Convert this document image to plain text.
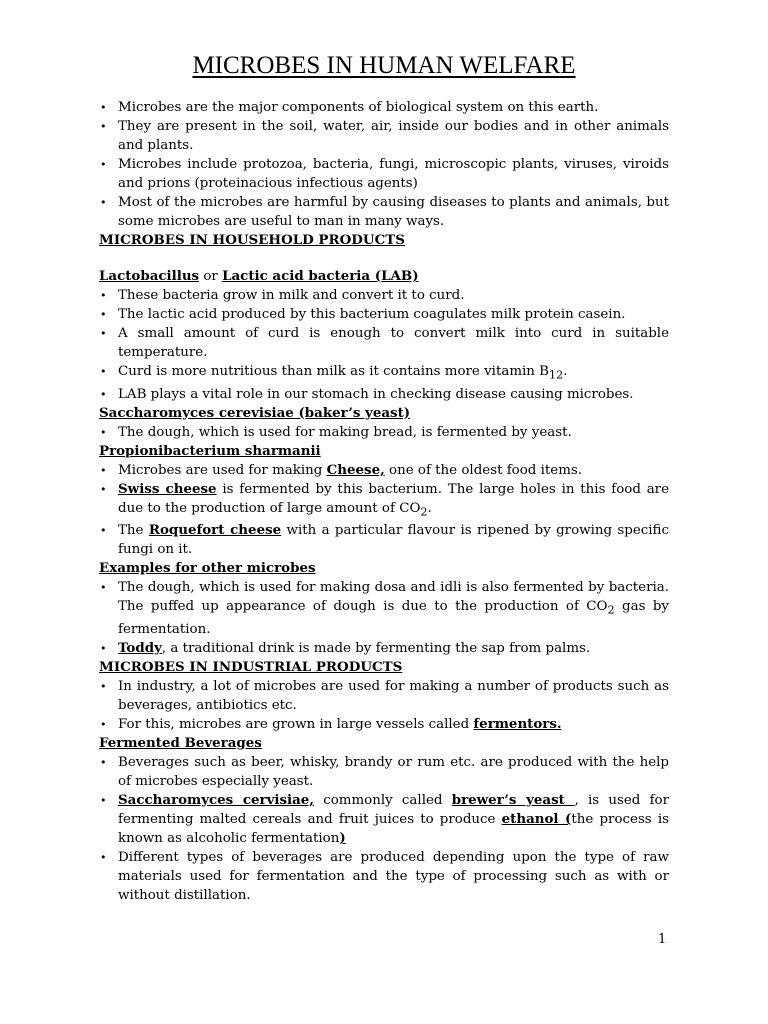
MICROBES IN HUMAN WELFARE
• Microbes are the major components of biological system on this earth.
• They are present in the soil, water, air, inside our bodies and in other animals and plants.
• Microbes include protozoa, bacteria, fungi, microscopic plants, viruses, viroids and prions (proteinacious infectious agents)
• Most of the microbes are harmful by causing diseases to plants and animals, but some microbes are useful to man in many ways.
MICROBES IN HOUSEHOLD PRODUCTS
Lactobacillus or Lactic acid bacteria (LAB)
• These bacteria grow in milk and convert it to curd.
• The lactic acid produced by this bacterium coagulates milk protein casein.
• A small amount of curd is enough to convert milk into curd in suitable temperature.
• Curd is more nutritious than milk as it contains more vitamin $B_{12}$.
• LAB plays a vital role in our stomach in checking disease causing microbes.
Saccharomyces cerevisiae (baker’s yeast)
• The dough, which is used for making bread, is fermented by yeast.
Propionibacterium sharmanii
• Microbes are used for making Cheese, one of the oldest food items.
• Swiss cheese is fermented by this bacterium. The large holes in this food are due to the production of large amount of $CO_2$.
• The Roquefort cheese with a particular flavour is ripened by growing specific fungi on it.
Examples for other microbes
• The dough, which is used for making dosa and idli is also fermented by bacteria. The puffed up appearance of dough is due to the production of $CO_2$ gas by fermentation.
• Toddy, a traditional drink is made by fermenting the sap from palms.
MICROBES IN INDUSTRIAL PRODUCTS
• In industry, a lot of microbes are used for making a number of products such as beverages, antibiotics etc.
• For this, microbes are grown in large vessels called fermentors.
Fermented Beverages
• Beverages such as beer, whisky, brandy or rum etc. are produced with the help of microbes especially yeast.
• Saccharomyces cervisiae, commonly called brewer’s yeast , is used for fermenting malted cereals and fruit juices to produce ethanol (the process is known as alcoholic fermentation)
• Different types of beverages are produced depending upon the type of raw materials used for fermentation and the type of processing such as with or without distillation.
1
